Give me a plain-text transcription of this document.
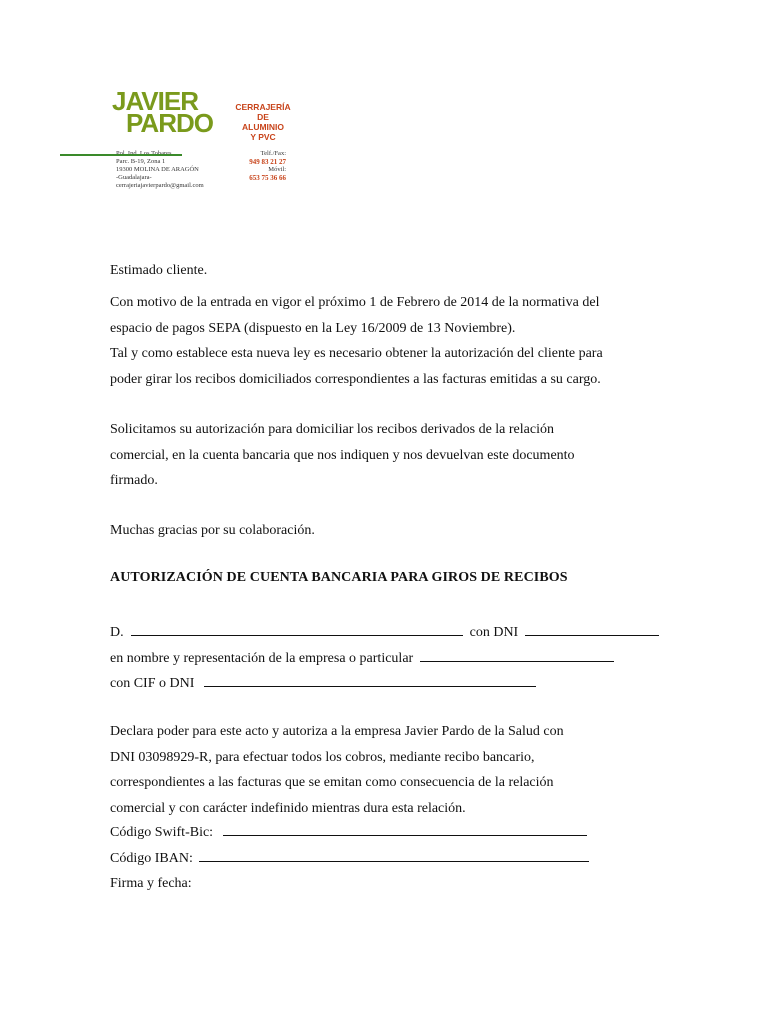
JAVIER
PARDO
CERRAJERÍA DE
ALUMINIO
Y PVC
Parc. B-19, Zona 1
19300 MOLINA DE ARAGÓN
-Guadalajara-
cerrajeriajavierpardo@gmail.com
Telf./Fax:
949 83 21 27
Móvil:
653 75 36 66
Estimado cliente.
Con motivo de la entrada en vigor el próximo 1 de Febrero de 2014 de la normativa del
espacio de pagos SEPA (dispuesto en la Ley 16/2009 de 13 Noviembre).
Tal y como establece esta nueva ley es necesario obtener la autorización del cliente para
poder girar los recibos domiciliados correspondientes a las facturas emitidas a su cargo.
Solicitamos su autorización para domiciliar los recibos derivados de la relación
comercial, en la cuenta bancaria que nos indiquen y nos devuelvan este documento
firmado.
Muchas gracias por su colaboración.
AUTORIZACIÓN DE CUENTA BANCARIA PARA GIROS DE RECIBOS
D.	con DNI
en nombre y representación de la empresa o particular
con CIF o DNI
Declara poder para este acto y autoriza a la empresa Javier Pardo de la Salud con
DNI 03098929-R, para efectuar todos los cobros, mediante recibo bancario,
correspondientes a las facturas que se emitan como consecuencia de la relación
comercial y con carácter indefinido mientras dura esta relación.
Código Swift-Bic:
Código IBAN:
Firma y fecha:
